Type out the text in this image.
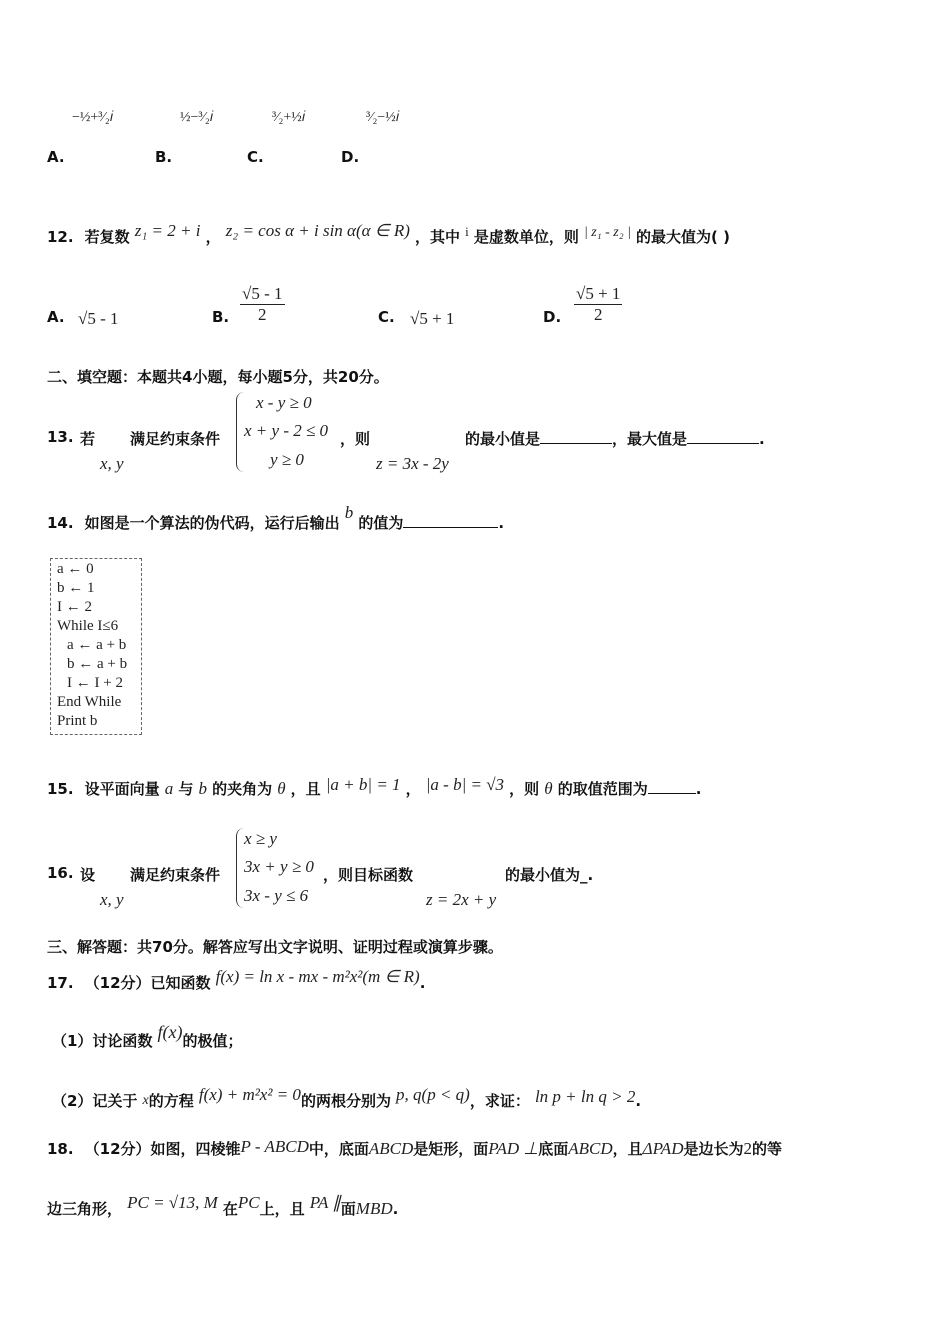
−½+³⁄₂𝑖
A.
½−³⁄₂𝑖
B.
³⁄₂+½𝑖
C.
³⁄₂−½𝑖
D.
12. 若复数 z₁ = 2 + i ， z₂ = cos α + i sin α(α ∈ R) ，其中 $^i$ 是虚数单位，则 | z₁ - z₂ | 的最大值为( )
A. √5 - 1	B. $\frac{√5 - 1}{2}$	C. √5 + 1	D. $\frac{√5 + 1}{2}$
二、填空题：本题共4小题，每小题5分，共20分。
13. 若
x, y
满足约束条件
x - y ≥ 0
x + y - 2 ≤ 0
y ≥ 0
，则
z = 3x - 2y
的最小值是	，最大值是	.
14. 如图是一个算法的伪代码，运行后输出 b 的值为	.
a ← 0
b ← 1
I ← 2
While I≤6
a ← a + b
b ← a + b
I ← I + 2
End While
Print b
15. 设平面向量 a 与 b 的夹角为 θ ，且 |a + b| = 1 ， |a - b| = √3 ，则 θ 的取值范围为	.
16. 设
x, y
满足约束条件
x ≥ y
3x + y ≥ 0
3x - y ≤ 6
，则目标函数
z = 2x + y
的最小值为_.
三、解答题：共70分。解答应写出文字说明、证明过程或演算步骤。
17. （12分）已知函数 f(x) = ln x - mx - m²x²(m ∈ R).
（1）讨论函数 f(x)的极值；
（2）记关于 x的方程 f(x) + m²x² = 0的两根分别为 p, q(p < q)，求证： ln p + ln q > 2.
18. （12分）如图，四棱锥P - ABCD中，底面ABCD是矩形，面PAD ⊥底面ABCD，且ΔPAD是边长为2的等
边三角形， PC = √13, M 在PC上，且 PA ∥面MBD.
